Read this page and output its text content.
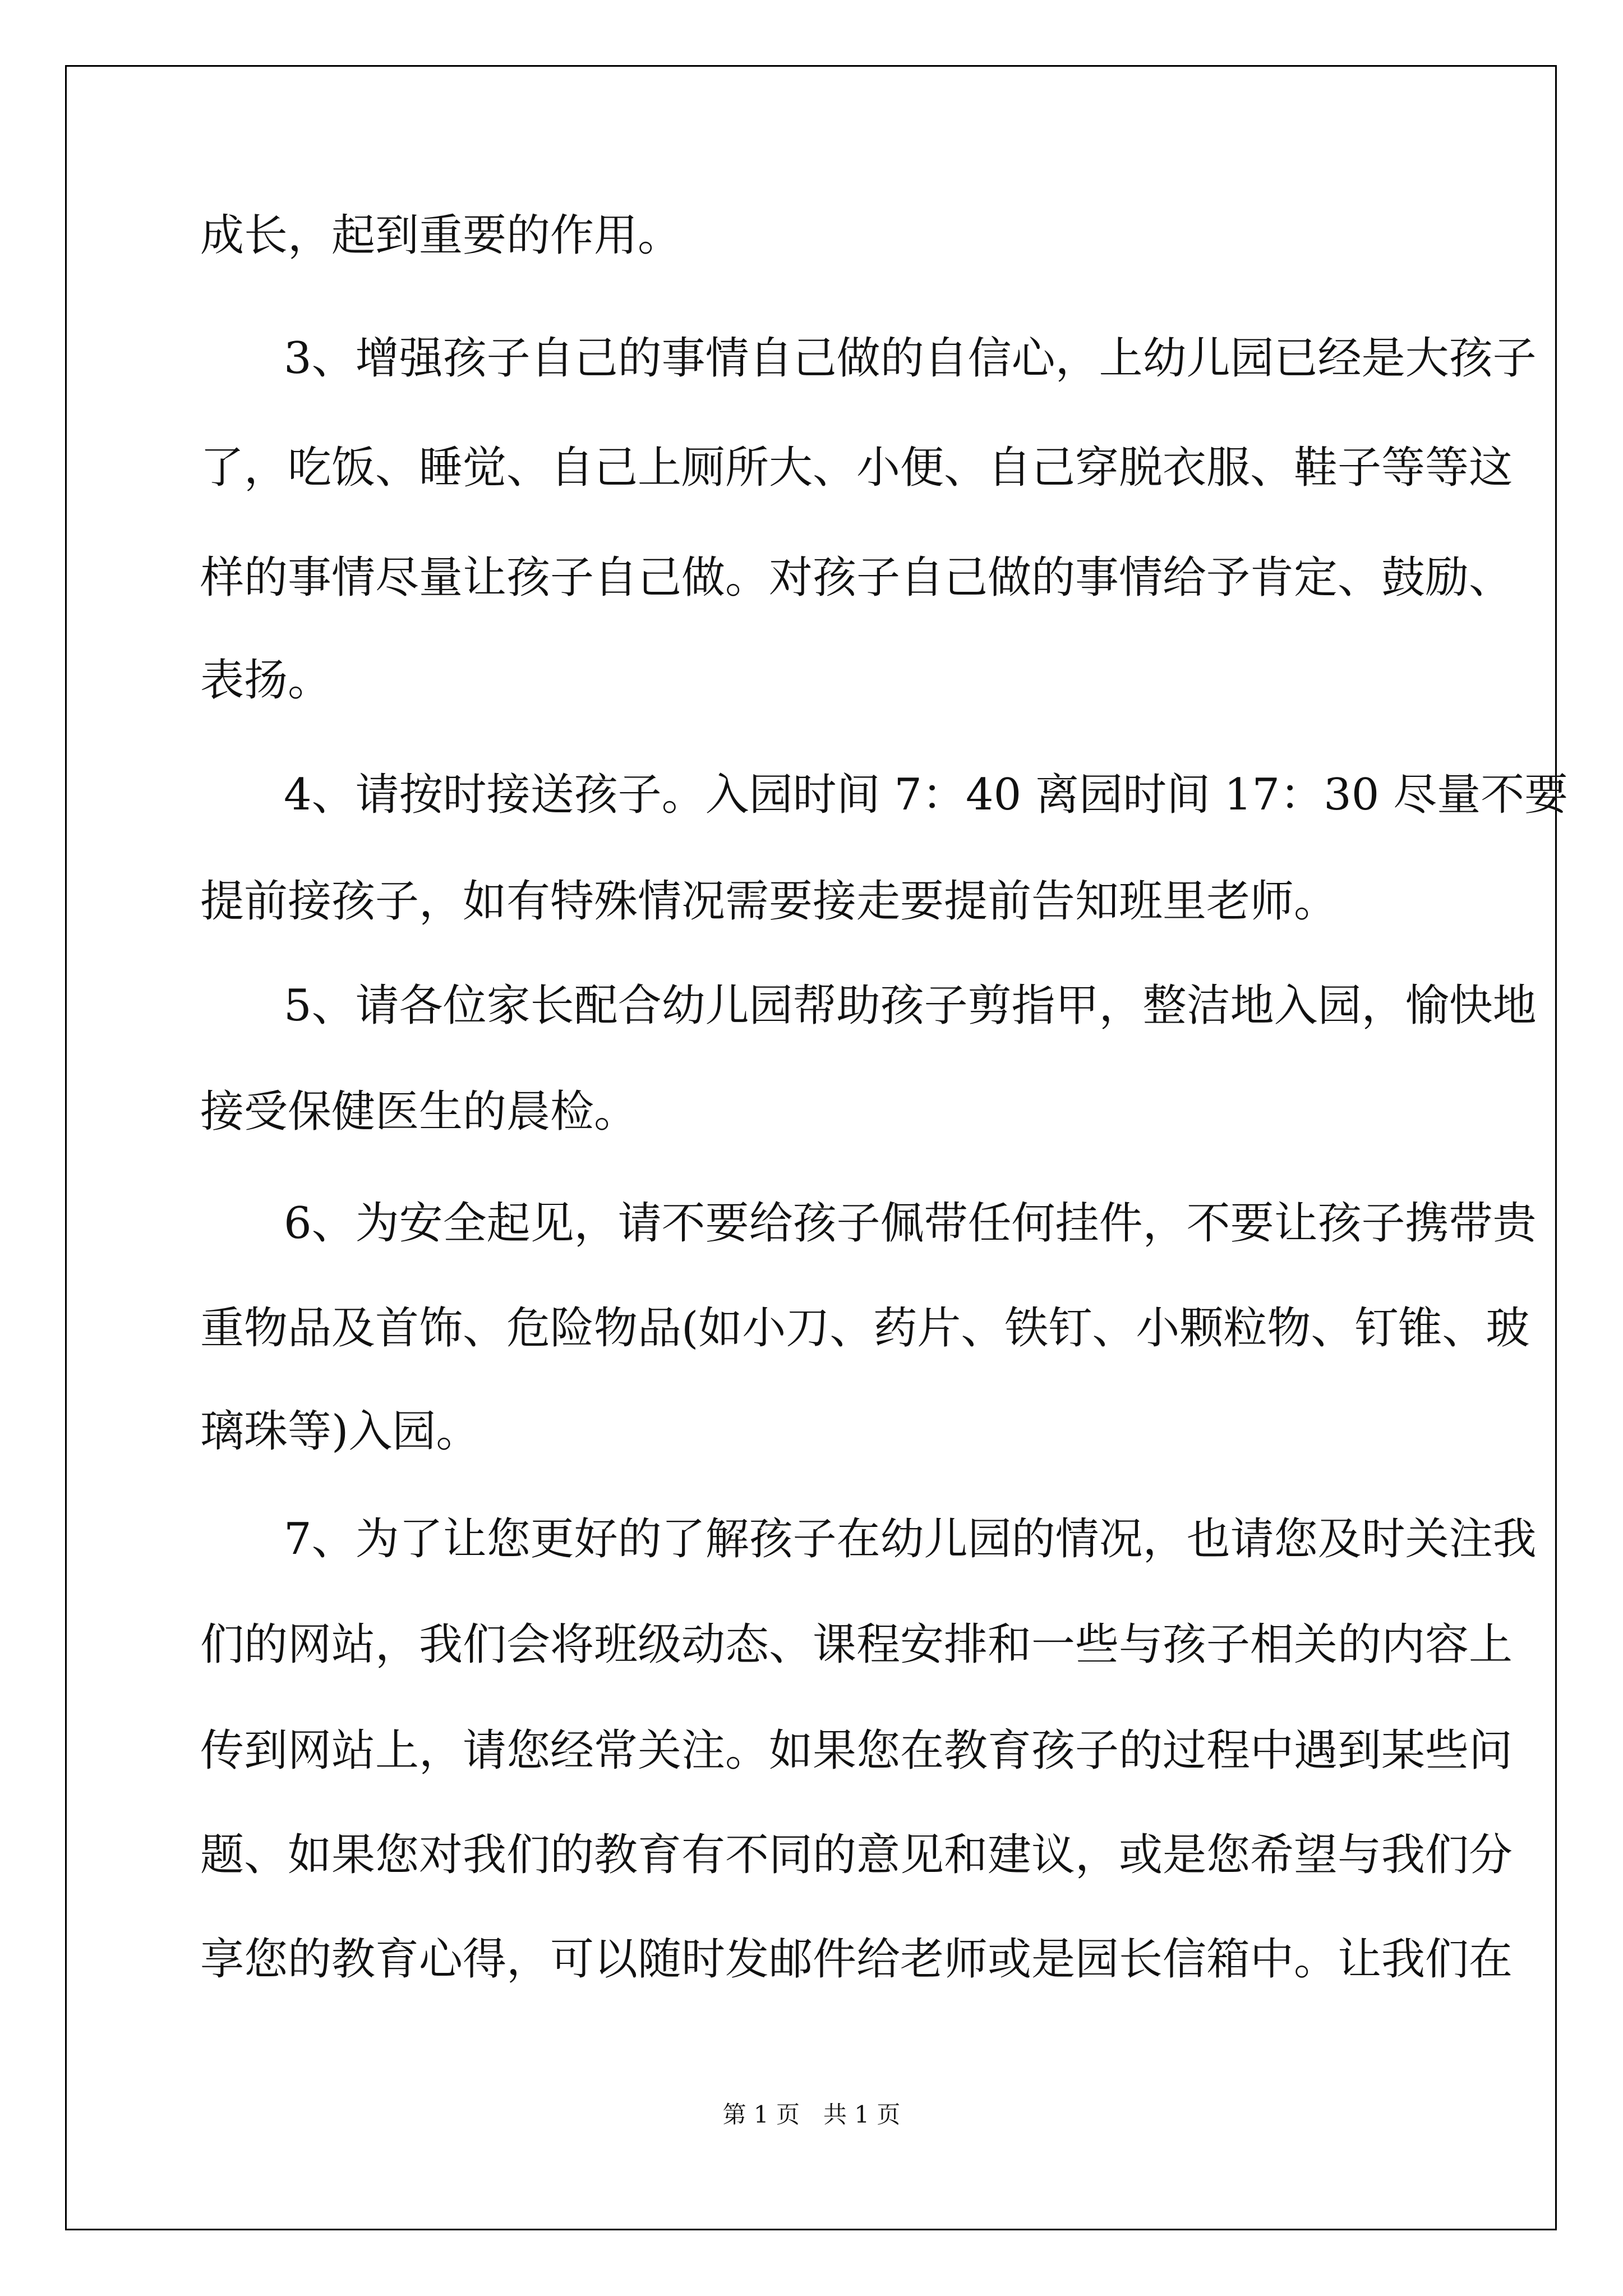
成长，起到重要的作用。
3、增强孩子自己的事情自己做的自信心，上幼儿园已经是大孩子
了，吃饭、睡觉、自己上厕所大、小便、自己穿脱衣服、鞋子等等这
样的事情尽量让孩子自己做。对孩子自己做的事情给予肯定、鼓励、
表扬。
4、请按时接送孩子。入园时间 7：40 离园时间 17：30 尽量不要
提前接孩子，如有特殊情况需要接走要提前告知班里老师。
5、请各位家长配合幼儿园帮助孩子剪指甲，整洁地入园，愉快地
接受保健医生的晨检。
6、为安全起见，请不要给孩子佩带任何挂件，不要让孩子携带贵
重物品及首饰、危险物品(如小刀、药片、铁钉、小颗粒物、钉锥、玻
璃珠等)入园。
7、为了让您更好的了解孩子在幼儿园的情况，也请您及时关注我
们的网站，我们会将班级动态、课程安排和一些与孩子相关的内容上
传到网站上，请您经常关注。如果您在教育孩子的过程中遇到某些问
题、如果您对我们的教育有不同的意见和建议，或是您希望与我们分
享您的教育心得，可以随时发邮件给老师或是园长信箱中。让我们在
第 1 页　共 1 页
